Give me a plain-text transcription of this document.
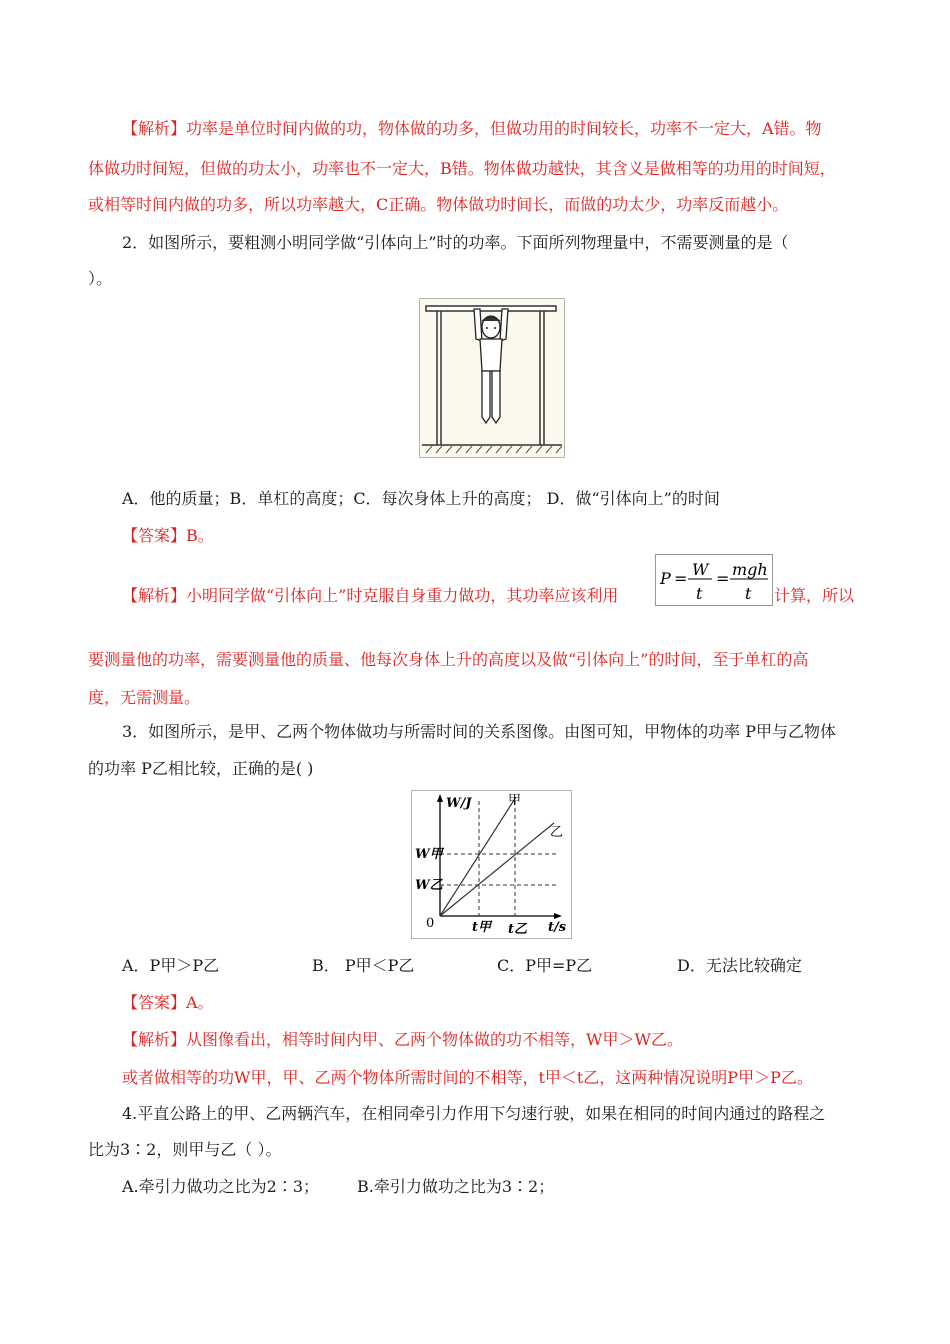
【解析】功率是单位时间内做的功，物体做的功多，但做功用的时间较长，功率不一定大，A错。物
体做功时间短，但做的功太小，功率也不一定大，B错。物体做功越快，其含义是做相等的功用的时间短，
或相等时间内做的功多，所以功率越大，C正确。物体做功时间长，而做的功太少，功率反而越小。
2．如图所示，要粗测小明同学做“引体向上”时的功率。下面所列物理量中，不需要测量的是（
）。
A．他的质量；B．单杠的高度；C．每次身体上升的高度； D．做“引体向上”的时间
【答案】B。
【解析】小明同学做“引体向上”时克服自身重力做功，其功率应该利用
P = W
t
= mgh
t 计算，所以
要测量他的功率，需要测量他的质量、他每次身体上升的高度以及做“引体向上”的时间，至于单杠的高
度，无需测量。
3．如图所示，是甲、乙两个物体做功与所需时间的关系图像。由图可知，甲物体的功率 P甲与乙物体
的功率 P乙相比较，正确的是( )
W/J
t/s
0
甲
乙
W甲
W乙
t甲 t乙
A．P甲＞P乙	B． P甲＜P乙	C．P甲=P乙	D．无法比较确定
【答案】A。
【解析】从图像看出，相等时间内甲、乙两个物体做的功不相等，W甲＞W乙。
或者做相等的功W甲，甲、乙两个物体所需时间的不相等，t甲＜t乙，这两种情况说明P甲＞P乙。
4.平直公路上的甲、乙两辆汽车，在相同牵引力作用下匀速行驶，如果在相同的时间内通过的路程之
比为3∶2，则甲与乙（ ）。
A.牵引力做功之比为2∶3； B.牵引力做功之比为3∶2；
